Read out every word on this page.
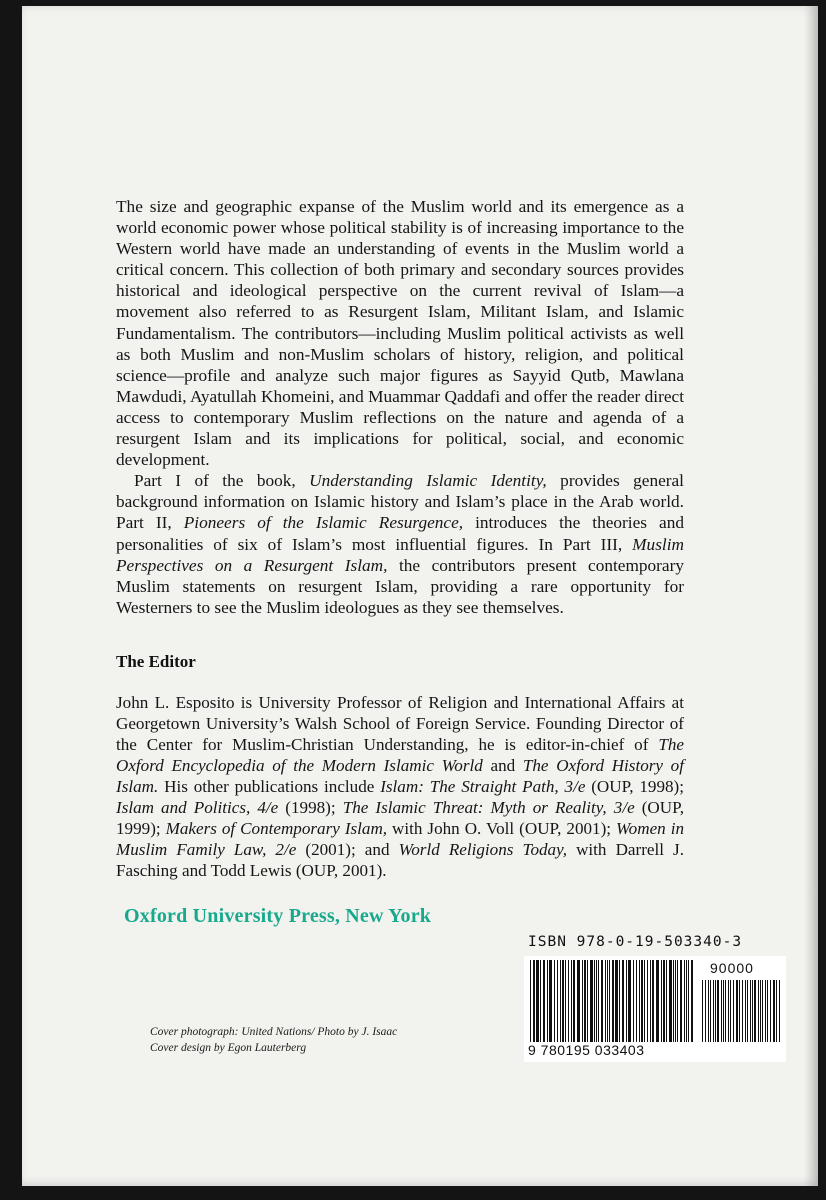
The size and geographic expanse of the Muslim world and its emergence as a world economic power whose political stability is of increasing importance to the Western world have made an understanding of events in the Muslim world a critical concern. This collection of both primary and secondary sources provides historical and ideological perspective on the current revival of Islam—a movement also referred to as Resurgent Islam, Militant Islam, and Islamic Fundamentalism. The contributors—including Muslim political activists as well as both Muslim and non-Muslim scholars of history, religion, and political science—profile and analyze such major figures as Sayyid Qutb, Mawlana Mawdudi, Ayatullah Khomeini, and Muammar Qaddafi and offer the reader direct access to contemporary Muslim reflections on the nature and agenda of a resurgent Islam and its implications for political, social, and economic development.

Part I of the book, Understanding Islamic Identity, provides general background information on Islamic history and Islam’s place in the Arab world. Part II, Pioneers of the Islamic Resurgence, introduces the theories and personalities of six of Islam’s most influential figures. In Part III, Muslim Perspectives on a Resurgent Islam, the contributors present contemporary Muslim statements on resurgent Islam, providing a rare opportunity for Westerners to see the Muslim ideologues as they see themselves.

The Editor

John L. Esposito is University Professor of Religion and International Affairs at Georgetown University’s Walsh School of Foreign Service. Founding Director of the Center for Muslim-Christian Understanding, he is editor-in-chief of The Oxford Encyclopedia of the Modern Islamic World and The Oxford History of Islam. His other publications include Islam: The Straight Path, 3/e (OUP, 1998); Islam and Politics, 4/e (1998); The Islamic Threat: Myth or Reality, 3/e (OUP, 1999); Makers of Contemporary Islam, with John O. Voll (OUP, 2001); Women in Muslim Family Law, 2/e (2001); and World Religions Today, with Darrell J. Fasching and Todd Lewis (OUP, 2001).

Oxford University Press, New York
ISBN 978-0-19-503340-3
90000
9 780195 033403
Cover photograph: United Nations/ Photo by J. Isaac
Cover design by Egon Lauterberg
